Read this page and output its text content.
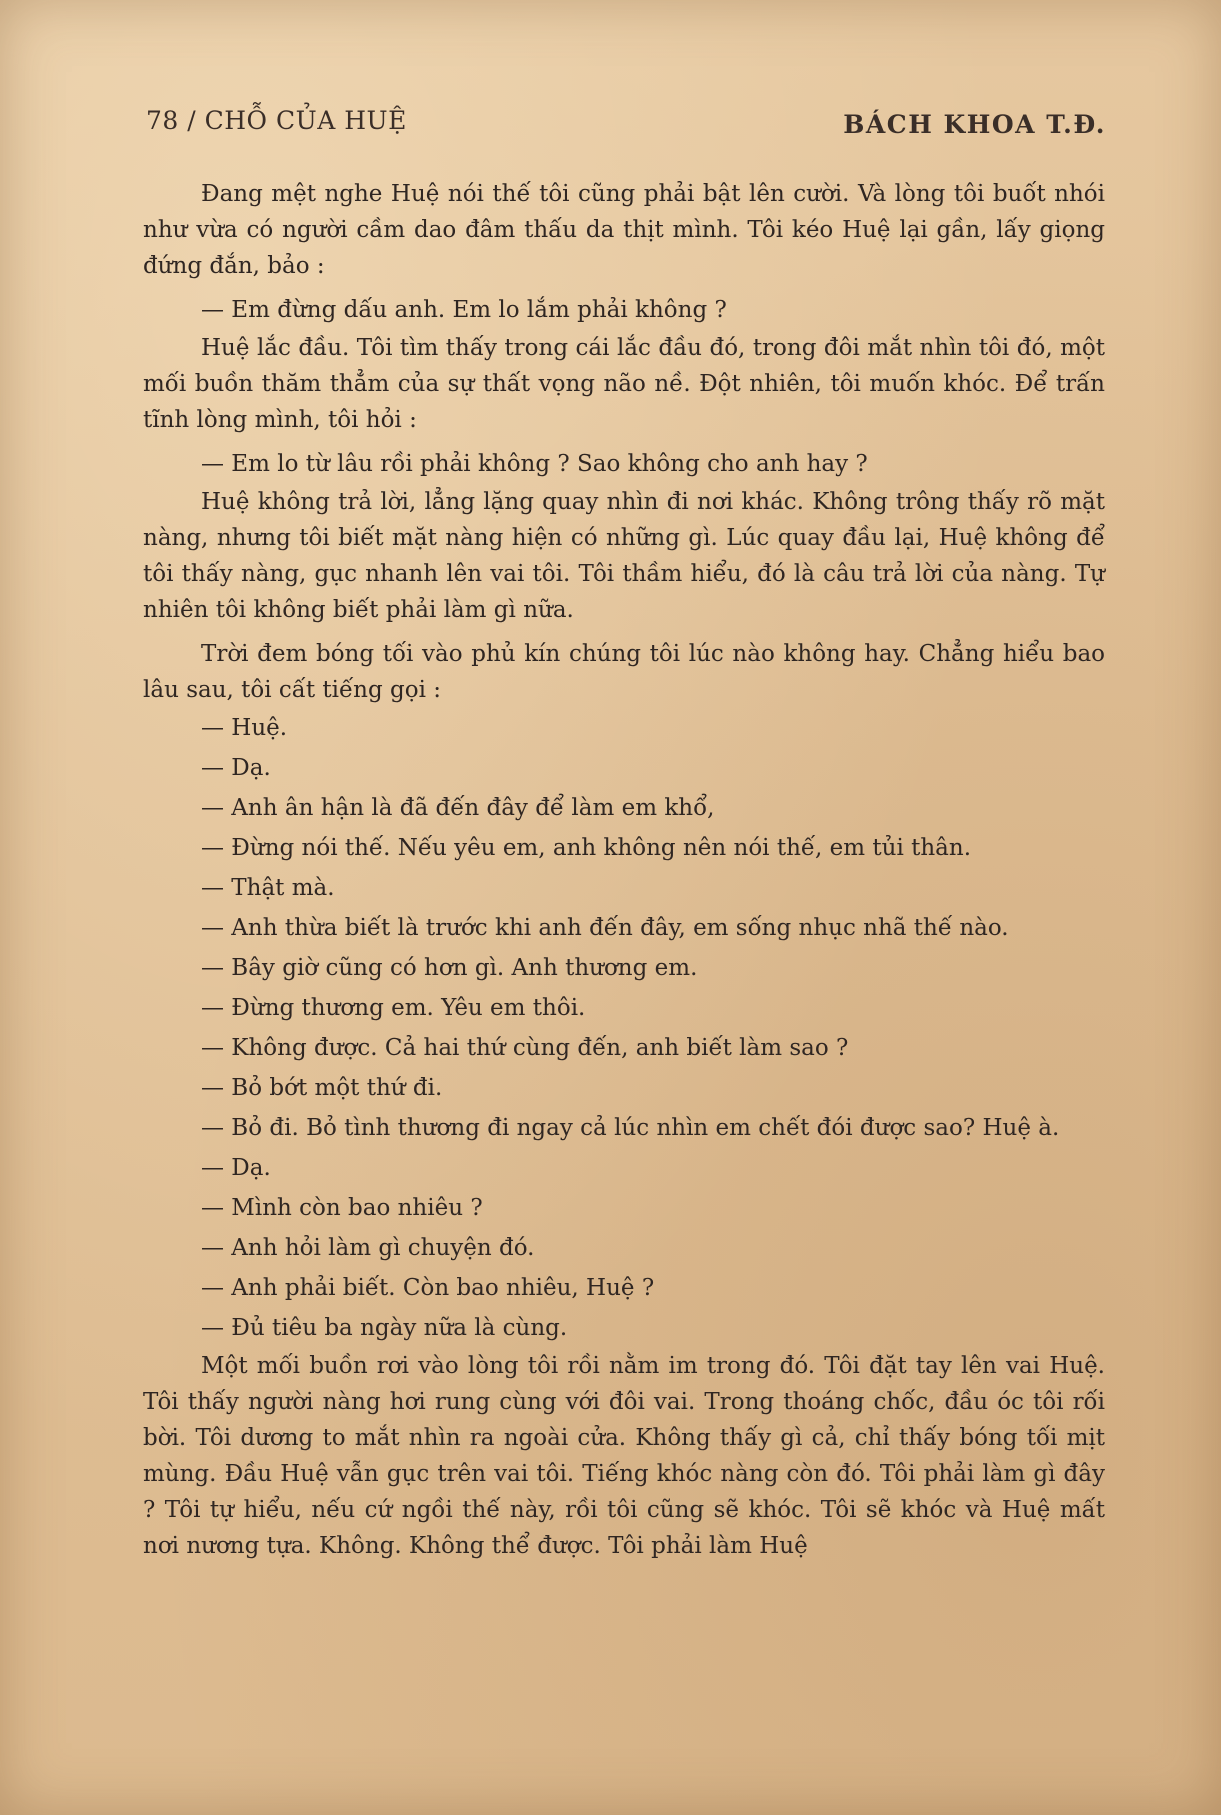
78 / CHỖ CỦA HUỆ	BÁCH KHOA T.Đ.

Đang mệt nghe Huệ nói thế tôi cũng phải bật lên cười. Và lòng tôi buốt nhói như vừa có người cầm dao đâm thấu da thịt mình. Tôi kéo Huệ lại gần, lấy giọng đứng đắn, bảo :

— Em đừng dấu anh. Em lo lắm phải không ?

Huệ lắc đầu. Tôi tìm thấy trong cái lắc đầu đó, trong đôi mắt nhìn tôi đó, một mối buồn thăm thẳm của sự thất vọng não nề. Đột nhiên, tôi muốn khóc. Để trấn tĩnh lòng mình, tôi hỏi :

— Em lo từ lâu rồi phải không ? Sao không cho anh hay ?

Huệ không trả lời, lẳng lặng quay nhìn đi nơi khác. Không trông thấy rõ mặt nàng, nhưng tôi biết mặt nàng hiện có những gì. Lúc quay đầu lại, Huệ không để tôi thấy nàng, gục nhanh lên vai tôi. Tôi thầm hiểu, đó là câu trả lời của nàng. Tự nhiên tôi không biết phải làm gì nữa.

Trời đem bóng tối vào phủ kín chúng tôi lúc nào không hay. Chẳng hiểu bao lâu sau, tôi cất tiếng gọi :

— Huệ.

— Dạ.

— Anh ân hận là đã đến đây để làm em khổ,

— Đừng nói thế. Nếu yêu em, anh không nên nói thế, em tủi thân.

— Thật mà.

— Anh thừa biết là trước khi anh đến đây, em sống nhục nhã thế nào.

— Bây giờ cũng có hơn gì. Anh thương em.

— Đừng thương em. Yêu em thôi.

— Không được. Cả hai thứ cùng đến, anh biết làm sao ?

— Bỏ bớt một thứ đi.

— Bỏ đi. Bỏ tình thương đi ngay cả lúc nhìn em chết đói được sao? Huệ à.

— Dạ.

— Mình còn bao nhiêu ?

— Anh hỏi làm gì chuyện đó.

— Anh phải biết. Còn bao nhiêu, Huệ ?

— Đủ tiêu ba ngày nữa là cùng.

Một mối buồn rơi vào lòng tôi rồi nằm im trong đó. Tôi đặt tay lên vai Huệ. Tôi thấy người nàng hơi rung cùng với đôi vai. Trong thoáng chốc, đầu óc tôi rối bời. Tôi dương to mắt nhìn ra ngoài cửa. Không thấy gì cả, chỉ thấy bóng tối mịt mùng. Đầu Huệ vẫn gục trên vai tôi. Tiếng khóc nàng còn đó. Tôi phải làm gì đây ? Tôi tự hiểu, nếu cứ ngồi thế này, rồi tôi cũng sẽ khóc. Tôi sẽ khóc và Huệ mất nơi nương tựa. Không. Không thể được. Tôi phải làm Huệ
